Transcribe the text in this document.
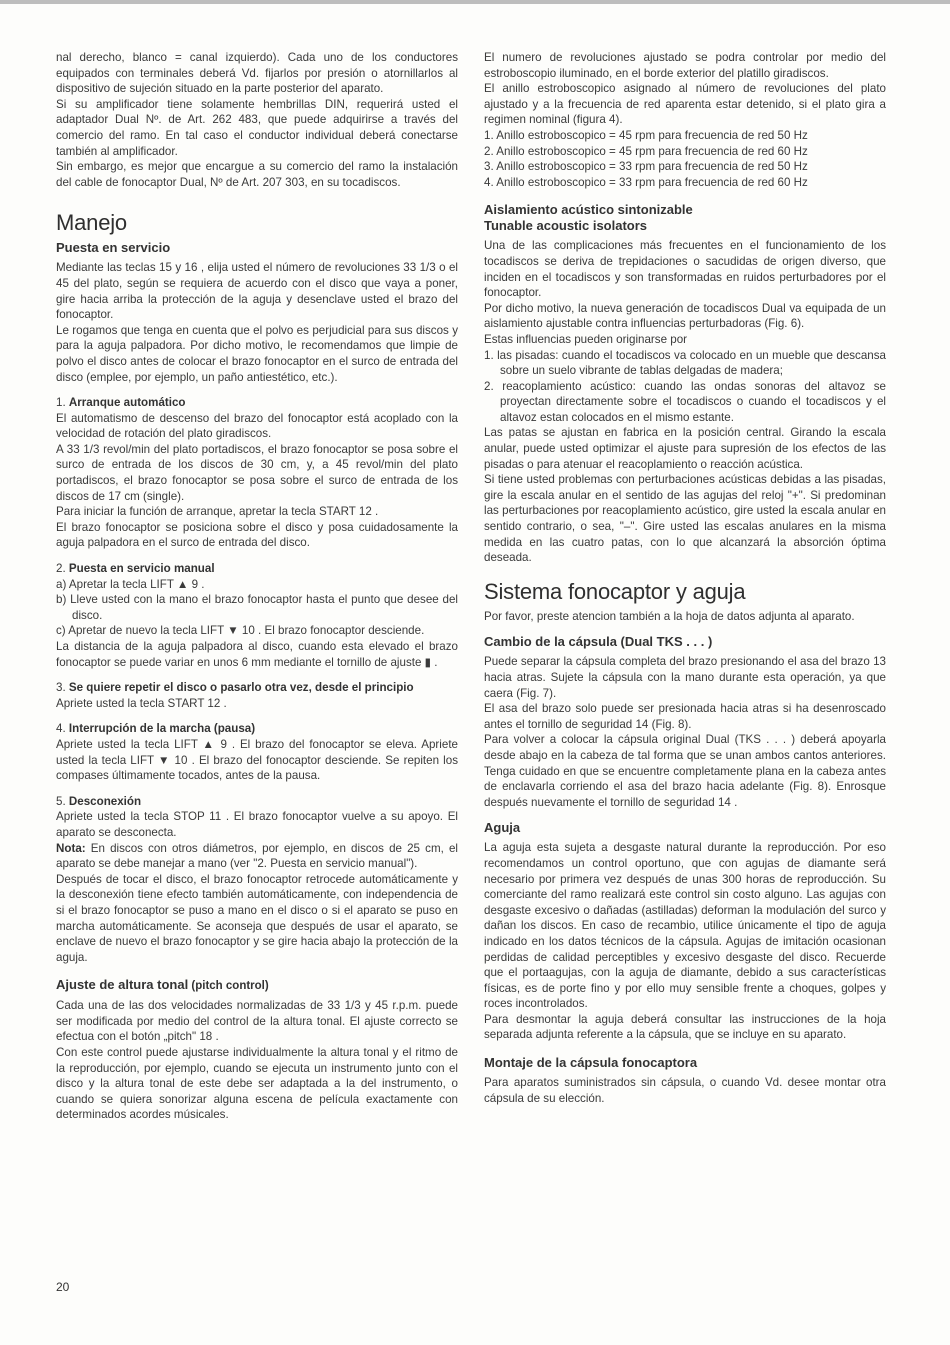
nal derecho, blanco = canal izquierdo). Cada uno de los conductores equipados con terminales deberá Vd. fijarlos por presión o atornillarlos al dispositivo de sujeción situado en la parte posterior del aparato.

Si su amplificador tiene solamente hembrillas DIN, requerirá usted el adaptador Dual Nº. de Art. 262 483, que puede adquirirse a través del comercio del ramo. En tal caso el conductor individual deberá conectarse también al amplificador.

Sin embargo, es mejor que encargue a su comercio del ramo la instalación del cable de fonocaptor Dual, Nº de Art. 207 303, en su tocadiscos.

Manejo
Puesta en servicio

Mediante las teclas 15 y 16 , elija usted el número de revoluciones 33 1/3 o el 45 del plato, según se requiera de acuerdo con el disco que vaya a poner, gire hacia arriba la protección de la aguja y desenclave usted el brazo del fonocaptor.

Le rogamos que tenga en cuenta que el polvo es perjudicial para sus discos y para la aguja palpadora. Por dicho motivo, le recomendamos que limpie de polvo el disco antes de colocar el brazo fonocaptor en el surco de entrada del disco (emplee, por ejemplo, un paño antiestético, etc.).

1. Arranque automático

El automatismo de descenso del brazo del fonocaptor está acoplado con la velocidad de rotación del plato giradiscos.

A 33 1/3 revol/min del plato portadiscos, el brazo fonocaptor se posa sobre el surco de entrada de los discos de 30 cm, y, a 45 revol/min del plato portadiscos, el brazo fonocaptor se posa sobre el surco de entrada de los discos de 17 cm (single).

Para iniciar la función de arranque, apretar la tecla START 12 .

El brazo fonocaptor se posiciona sobre el disco y posa cuidadosamente la aguja palpadora en el surco de entrada del disco.

2. Puesta en servicio manual

a) Apretar la tecla LIFT ▲ 9 .
b) Lleve usted con la mano el brazo fonocaptor hasta el punto que desee del disco.
c) Apretar de nuevo la tecla LIFT ▼ 10 . El brazo fonocaptor desciende.

La distancia de la aguja palpadora al disco, cuando esta elevado el brazo fonocaptor se puede variar en unos 6 mm mediante el tornillo de ajuste ▮ .

3. Se quiere repetir el disco o pasarlo otra vez, desde el principio

Apriete usted la tecla START 12 .

4. Interrupción de la marcha (pausa)

Apriete usted la tecla LIFT ▲ 9 . El brazo del fonocaptor se eleva. Apriete usted la tecla LIFT ▼ 10 . El brazo del fonocaptor desciende. Se repiten los compases últimamente tocados, antes de la pausa.

5. Desconexión

Apriete usted la tecla STOP 11 . El brazo fonocaptor vuelve a su apoyo. El aparato se desconecta.

Nota: En discos con otros diámetros, por ejemplo, en discos de 25 cm, el aparato se debe manejar a mano (ver "2. Puesta en servicio manual").

Después de tocar el disco, el brazo fonocaptor retrocede automáticamente y la desconexión tiene efecto también automáticamente, con independencia de si el brazo fonocaptor se puso a mano en el disco o si el aparato se puso en marcha automáticamente. Se aconseja que después de usar el aparato, se enclave de nuevo el brazo fonocaptor y se gire hacia abajo la protección de la aguja.

Ajuste de altura tonal (pitch control)

Cada una de las dos velocidades normalizadas de 33 1/3 y 45 r.p.m. puede ser modificada por medio del control de la altura tonal. El ajuste correcto se efectua con el botón „pitch" 18 .

Con este control puede ajustarse individualmente la altura tonal y el ritmo de la reproducción, por ejemplo, cuando se ejecuta un instrumento junto con el disco y la altura tonal de este debe ser adaptada a la del instrumento, o cuando se quiera sonorizar alguna escena de película exactamente con determinados acordes músicales.

El numero de revoluciones ajustado se podra controlar por medio del estroboscopio iluminado, en el borde exterior del platillo giradiscos.

El anillo estroboscopico asignado al número de revoluciones del plato ajustado y a la frecuencia de red aparenta estar detenido, si el plato gira a regimen nominal (figura 4).

1. Anillo estroboscopico = 45 rpm para frecuencia de red 50 Hz
2. Anillo estroboscopico = 45 rpm para frecuencia de red 60 Hz
3. Anillo estroboscopico = 33 rpm para frecuencia de red 50 Hz
4. Anillo estroboscopico = 33 rpm para frecuencia de red 60 Hz
Aislamiento acústico sintonizable
Tunable acoustic isolators

Una de las complicaciones más frecuentes en el funcionamiento de los tocadiscos se deriva de trepidaciones o sacudidas de origen diverso, que inciden en el tocadiscos y son transformadas en ruidos perturbadores por el fonocaptor.

Por dicho motivo, la nueva generación de tocadiscos Dual va equipada de un aislamiento ajustable contra influencias perturbadoras (Fig. 6).

Estas influencias pueden originarse por

1. las pisadas: cuando el tocadiscos va colocado en un mueble que descansa sobre un suelo vibrante de tablas delgadas de madera;
2. reacoplamiento acústico: cuando las ondas sonoras del altavoz se proyectan directamente sobre el tocadiscos o cuando el tocadiscos y el altavoz estan colocados en el mismo estante.

Las patas se ajustan en fabrica en la posición central. Girando la escala anular, puede usted optimizar el ajuste para supresión de los efectos de las pisadas o para atenuar el reacoplamiento o reacción acústica.

Si tiene usted problemas con perturbaciones acústicas debidas a las pisadas, gire la escala anular en el sentido de las agujas del reloj "+". Si predominan las perturbaciones por reacoplamiento acústico, gire usted la escala anular en sentido contrario, o sea, "–". Gire usted las escalas anulares en la misma medida en las cuatro patas, con lo que alcanzará la absorción óptima deseada.

Sistema fonocaptor y aguja

Por favor, preste atencion también a la hoja de datos adjunta al aparato.

Cambio de la cápsula (Dual TKS . . . )

Puede separar la cápsula completa del brazo presionando el asa del brazo 13 hacia atras. Sujete la cápsula con la mano durante esta operación, ya que caera (Fig. 7).

El asa del brazo solo puede ser presionada hacia atras si ha desenroscado antes el tornillo de seguridad 14 (Fig. 8).

Para volver a colocar la cápsula original Dual (TKS . . . ) deberá apoyarla desde abajo en la cabeza de tal forma que se unan ambos cantos anteriores. Tenga cuidado en que se encuentre completamente plana en la cabeza antes de enclavarla corriendo el asa del brazo hacia adelante (Fig. 8). Enrosque después nuevamente el tornillo de seguridad 14 .

Aguja

La aguja esta sujeta a desgaste natural durante la reproducción. Por eso recomendamos un control oportuno, que con agujas de diamante será necesario por primera vez después de unas 300 horas de reproducción. Su comerciante del ramo realizará este control sin costo alguno. Las agujas con desgaste excesivo o dañadas (astilladas) deforman la modulación del surco y dañan los discos. En caso de recambio, utilice únicamente el tipo de aguja indicado en los datos técnicos de la cápsula. Agujas de imitación ocasionan perdidas de calidad perceptibles y excesivo desgaste del disco. Recuerde que el portaagujas, con la aguja de diamante, debido a sus características físicas, es de porte fino y por ello muy sensible frente a choques, golpes y roces incontrolados.

Para desmontar la aguja deberá consultar las instrucciones de la hoja separada adjunta referente a la cápsula, que se incluye en su aparato.

Montaje de la cápsula fonocaptora

Para aparatos suministrados sin cápsula, o cuando Vd. desee montar otra cápsula de su elección.

20
